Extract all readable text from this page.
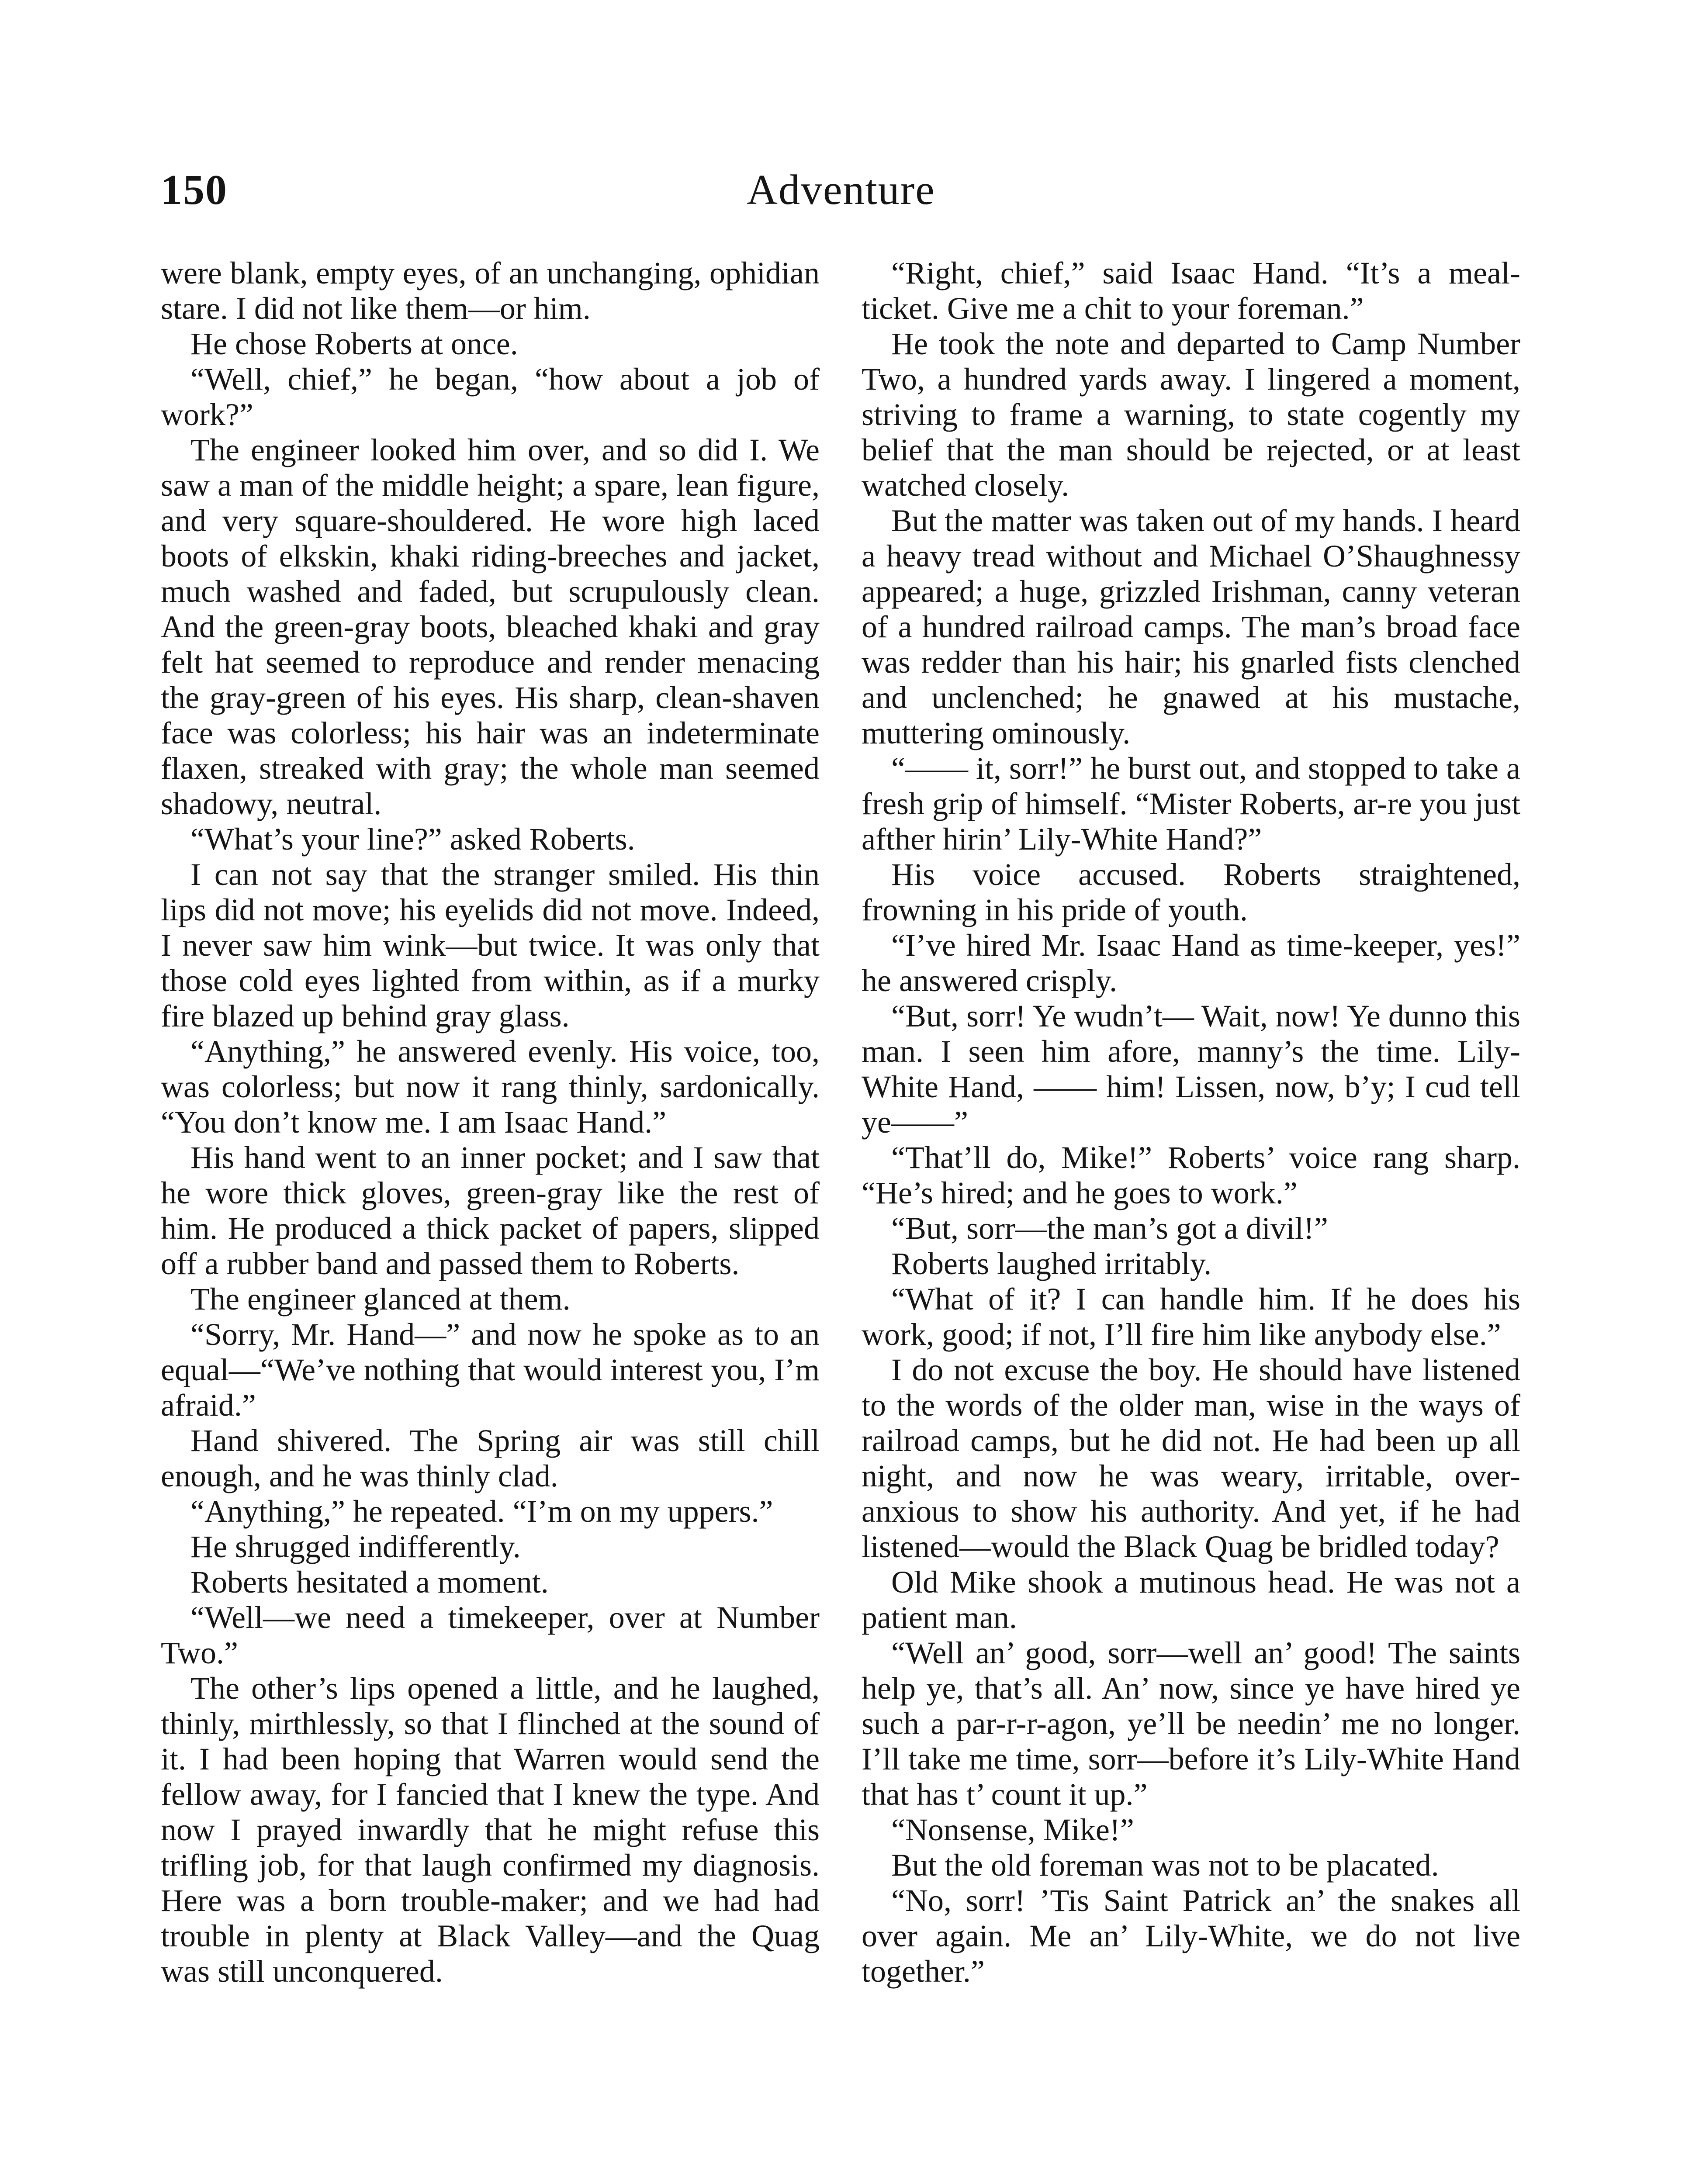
150	Adventure

were blank, empty eyes, of an unchanging, ophidian stare. I did not like them—or him.

He chose Roberts at once.

“Well, chief,” he began, “how about a job of work?”

The engineer looked him over, and so did I. We saw a man of the middle height; a spare, lean figure, and very square-shouldered. He wore high laced boots of elkskin, khaki riding-breeches and jacket, much washed and faded, but scrupulously clean. And the green-gray boots, bleached khaki and gray felt hat seemed to reproduce and render menacing the gray-green of his eyes. His sharp, clean-shaven face was colorless; his hair was an indeterminate flaxen, streaked with gray; the whole man seemed shadowy, neutral.

“What’s your line?” asked Roberts.

I can not say that the stranger smiled. His thin lips did not move; his eyelids did not move. Indeed, I never saw him wink—but twice. It was only that those cold eyes lighted from within, as if a murky fire blazed up behind gray glass.

“Anything,” he answered evenly. His voice, too, was colorless; but now it rang thinly, sardonically. “You don’t know me. I am Isaac Hand.”

His hand went to an inner pocket; and I saw that he wore thick gloves, green-gray like the rest of him. He produced a thick packet of papers, slipped off a rubber band and passed them to Roberts.

The engineer glanced at them.

“Sorry, Mr. Hand—” and now he spoke as to an equal—“We’ve nothing that would interest you, I’m afraid.”

Hand shivered. The Spring air was still chill enough, and he was thinly clad.

“Anything,” he repeated. “I’m on my uppers.”

He shrugged indifferently.

Roberts hesitated a moment.

“Well—we need a timekeeper, over at Number Two.”

The other’s lips opened a little, and he laughed, thinly, mirthlessly, so that I flinched at the sound of it. I had been hoping that Warren would send the fellow away, for I fancied that I knew the type. And now I prayed inwardly that he might refuse this trifling job, for that laugh confirmed my diagnosis. Here was a born trouble-maker; and we had had trouble in plenty at Black Valley—and the Quag was still unconquered.

“Right, chief,” said Isaac Hand. “It’s a meal-ticket. Give me a chit to your foreman.”

He took the note and departed to Camp Number Two, a hundred yards away. I lingered a moment, striving to frame a warning, to state cogently my belief that the man should be rejected, or at least watched closely.

But the matter was taken out of my hands. I heard a heavy tread without and Michael O’Shaughnessy appeared; a huge, grizzled Irishman, canny veteran of a hundred railroad camps. The man’s broad face was redder than his hair; his gnarled fists clenched and unclenched; he gnawed at his mustache, muttering ominously.

“—— it, sorr!” he burst out, and stopped to take a fresh grip of himself. “Mister Roberts, ar-re you just afther hirin’ Lily-White Hand?”

His voice accused. Roberts straightened, frowning in his pride of youth.

“I’ve hired Mr. Isaac Hand as time-keeper, yes!” he answered crisply.

“But, sorr! Ye wudn’t— Wait, now! Ye dunno this man. I seen him afore, manny’s the time. Lily-White Hand, —— him! Lissen, now, b’y; I cud tell ye——”

“That’ll do, Mike!” Roberts’ voice rang sharp. “He’s hired; and he goes to work.”

“But, sorr—the man’s got a divil!”

Roberts laughed irritably.

“What of it? I can handle him. If he does his work, good; if not, I’ll fire him like anybody else.”

I do not excuse the boy. He should have listened to the words of the older man, wise in the ways of railroad camps, but he did not. He had been up all night, and now he was weary, irritable, over-anxious to show his authority. And yet, if he had listened—would the Black Quag be bridled today?

Old Mike shook a mutinous head. He was not a patient man.

“Well an’ good, sorr—well an’ good! The saints help ye, that’s all. An’ now, since ye have hired ye such a par-r-r-agon, ye’ll be needin’ me no longer. I’ll take me time, sorr—before it’s Lily-White Hand that has t’ count it up.”

“Nonsense, Mike!”

But the old foreman was not to be placated.

“No, sorr! ’Tis Saint Patrick an’ the snakes all over again. Me an’ Lily-White, we do not live together.”
